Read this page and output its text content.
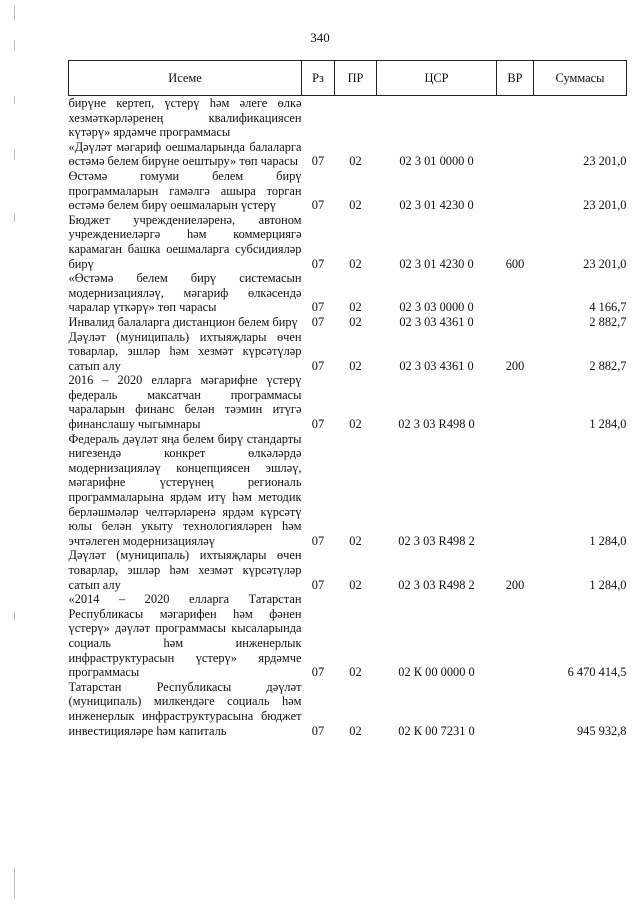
340
Исеме	Рз	ПР	ЦСР	ВР	Суммасы
бирүне кертеп, үстерү һәм әлеге өлкә хезмәткәрләренең квалификациясен күтәрү» ярдәмче программасы					
«Дәүләт мәгариф оешмаларында балаларга өстәмә белем бирүне оештыру» төп чарасы	07	02	02 3 01 0000 0		23 201,0
Өстәмә гомуми белем бирү программаларын гамәлгә ашыра торган өстәмә белем бирү оешмаларын үстерү	07	02	02 3 01 4230 0		23 201,0
Бюджет учреждениеләренә, автоном учреждениеләргә һәм коммерциягә карамаган башка оешмаларга субсидияләр бирү	07	02	02 3 01 4230 0	600	23 201,0
«Өстәмә белем бирү системасын модернизацияләү, мәгариф өлкәсендә чаралар үткәрү» төп чарасы	07	02	02 3 03 0000 0		4 166,7
Инвалид балаларга дистанцион белем бирү	07	02	02 3 03 4361 0		2 882,7
Дәүләт (муниципаль) ихтыяҗлары өчен товарлар, эшләр һәм хезмәт күрсәтүләр сатып алу	07	02	02 3 03 4361 0	200	2 882,7
2016 – 2020 елларга мәгарифне үстерү федераль максатчан программасы чараларын финанс белән тәэмин итүгә финанслашу чыгымнары	07	02	02 3 03 R498 0		1 284,0
Федераль дәүләт яңа белем бирү стандарты нигезендә конкрет өлкәләрдә модернизацияләү концепциясен эшләү, мәгарифне үстерүнең региональ программаларына ярдәм итү һәм методик берләшмәләр челтәрләренә ярдәм күрсәтү юлы белән укыту технологияләрен һәм эчтәлеген модернизацияләү	07	02	02 3 03 R498 2		1 284,0
Дәүләт (муниципаль) ихтыяҗлары өчен товарлар, эшләр һәм хезмәт күрсәтүләр сатып алу	07	02	02 3 03 R498 2	200	1 284,0
«2014 – 2020 елларга Татарстан Республикасы мәгарифен һәм фәнен үстерү» дәүләт программасы кысаларында социаль һәм инженерлык инфраструктурасын үстерү» ярдәмче программасы	07	02	02 К 00 0000 0		6 470 414,5
Татарстан Республикасы дәүләт (муниципаль) милкендәге социаль һәм инженерлык инфраструктурасына бюджет инвестицияләре һәм капиталь	07	02	02 К 00 7231 0		945 932,8
